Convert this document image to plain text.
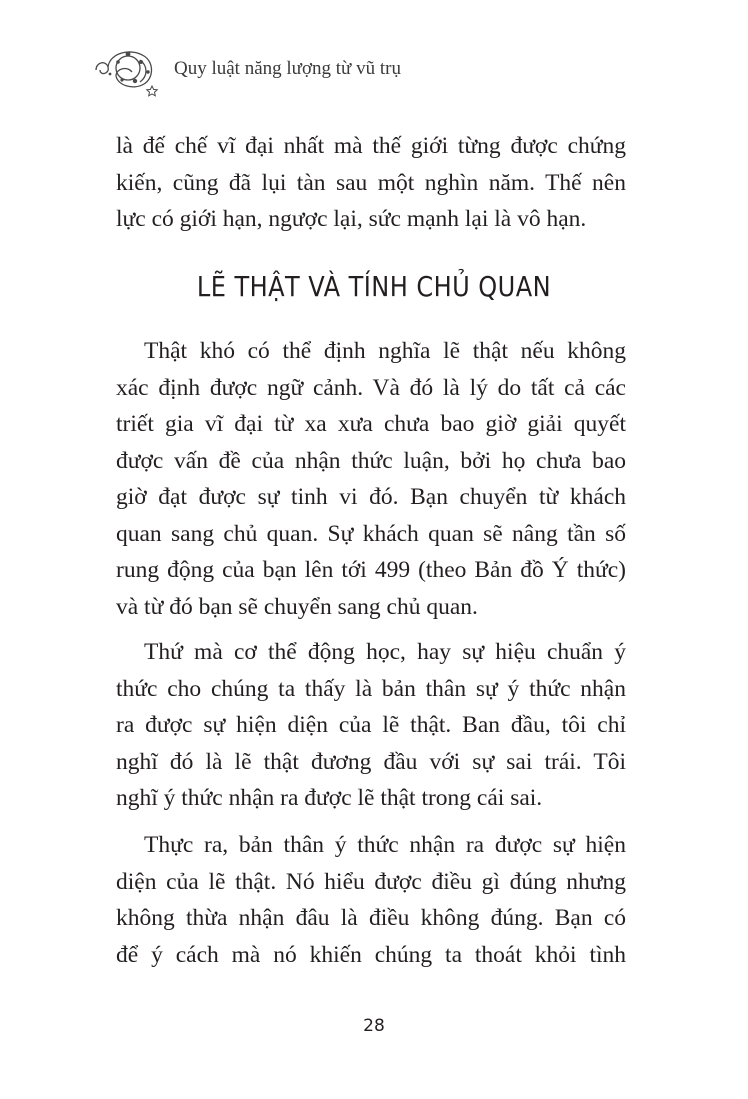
Quy luật năng lượng từ vũ trụ
là đế chế vĩ đại nhất mà thế giới từng được chứng
kiến, cũng đã lụi tàn sau một nghìn năm. Thế nên
lực có giới hạn, ngược lại, sức mạnh lại là vô hạn.
LẼ THẬT VÀ TÍNH CHỦ QUAN
Thật khó có thể định nghĩa lẽ thật nếu không
xác định được ngữ cảnh. Và đó là lý do tất cả các
triết gia vĩ đại từ xa xưa chưa bao giờ giải quyết
được vấn đề của nhận thức luận, bởi họ chưa bao
giờ đạt được sự tinh vi đó. Bạn chuyển từ khách
quan sang chủ quan. Sự khách quan sẽ nâng tần số
rung động của bạn lên tới 499 (theo Bản đồ Ý thức)
và từ đó bạn sẽ chuyển sang chủ quan.
Thứ mà cơ thể động học, hay sự hiệu chuẩn ý
thức cho chúng ta thấy là bản thân sự ý thức nhận
ra được sự hiện diện của lẽ thật. Ban đầu, tôi chỉ
nghĩ đó là lẽ thật đương đầu với sự sai trái. Tôi
nghĩ ý thức nhận ra được lẽ thật trong cái sai.
Thực ra, bản thân ý thức nhận ra được sự hiện
diện của lẽ thật. Nó hiểu được điều gì đúng nhưng
không thừa nhận đâu là điều không đúng. Bạn có
để ý cách mà nó khiến chúng ta thoát khỏi tình
28
